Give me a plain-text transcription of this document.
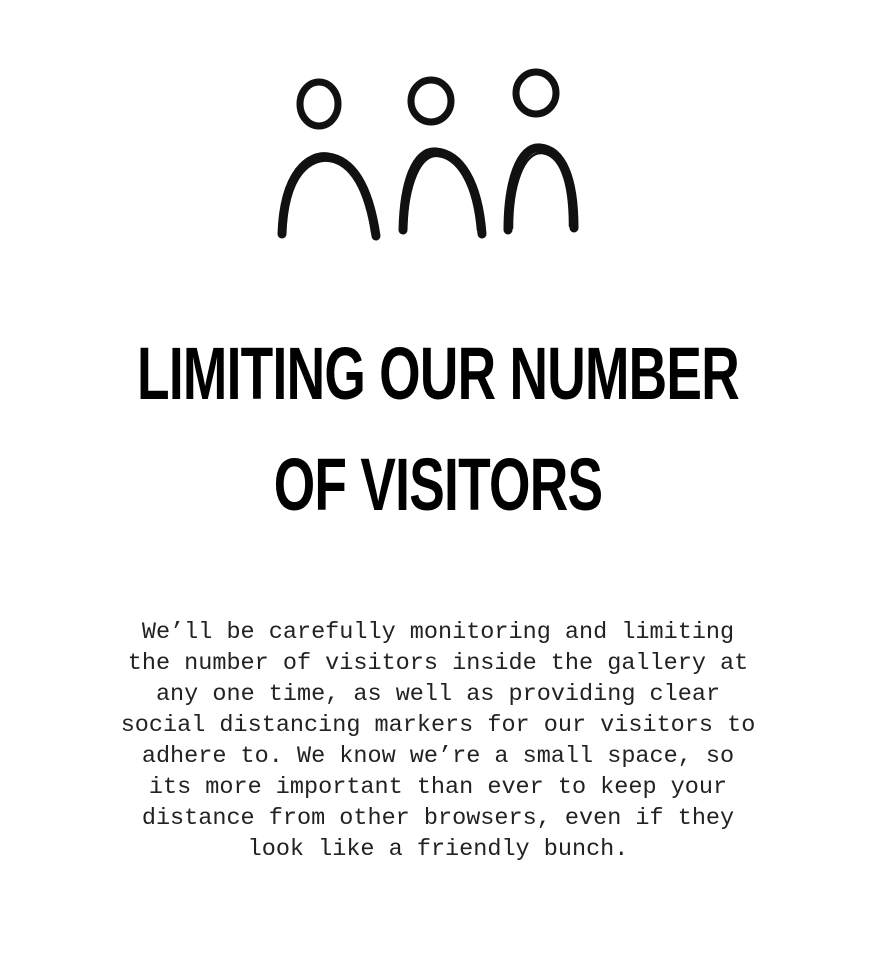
LIMITING OUR NUMBER
OF VISITORS
We’ll be carefully monitoring and limiting
the number of visitors inside the gallery at
any one time, as well as providing clear
social distancing markers for our visitors to
adhere to. We know we’re a small space, so
its more important than ever to keep your
distance from other browsers, even if they
look like a friendly bunch.
